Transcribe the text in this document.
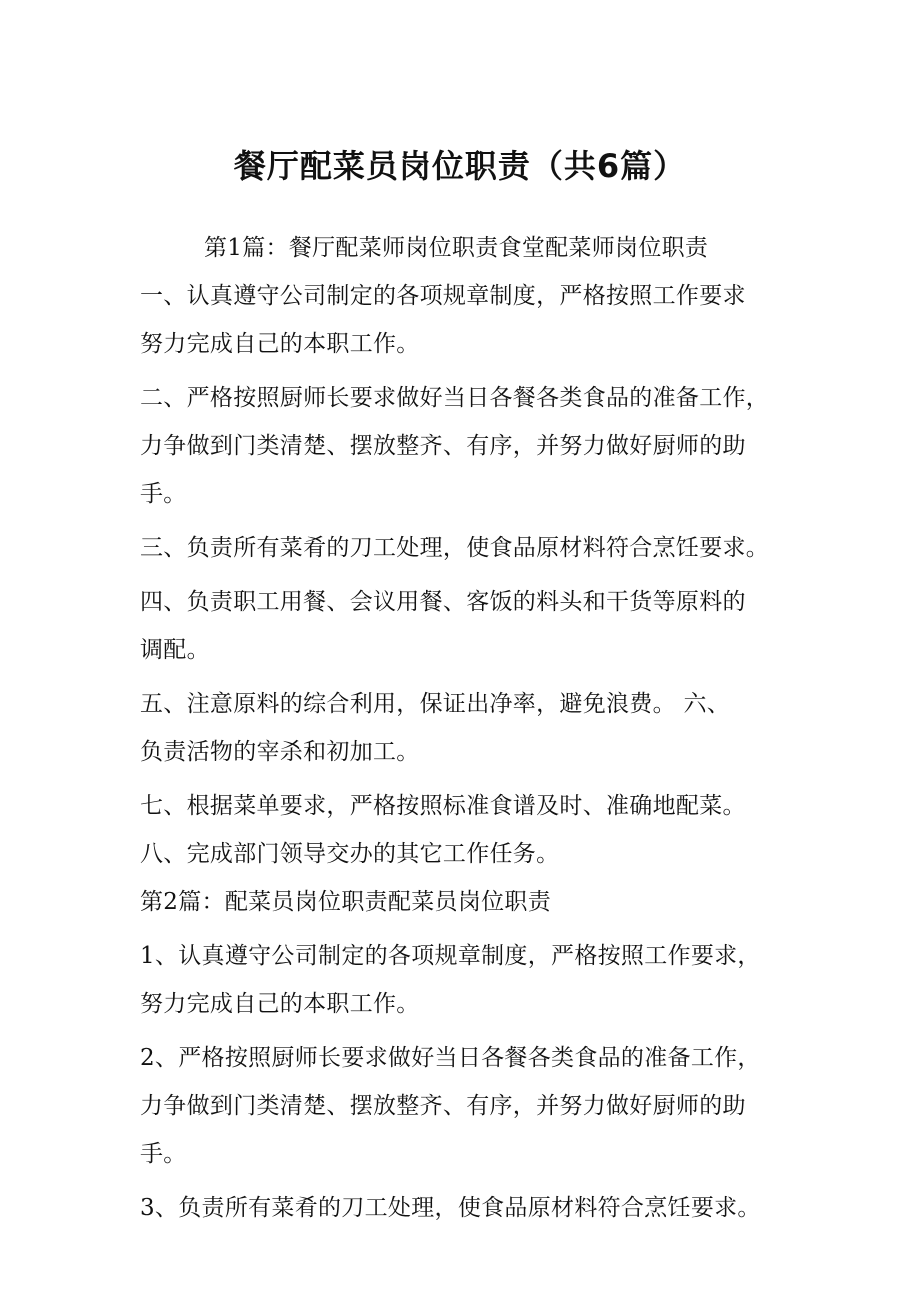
餐厅配菜员岗位职责（共6篇）
第1篇：餐厅配菜师岗位职责食堂配菜师岗位职责
一、认真遵守公司制定的各项规章制度，严格按照工作要求
努力完成自己的本职工作。
二、严格按照厨师长要求做好当日各餐各类食品的准备工作，
力争做到门类清楚、摆放整齐、有序，并努力做好厨师的助
手。
三、负责所有菜肴的刀工处理，使食品原材料符合烹饪要求。
四、负责职工用餐、会议用餐、客饭的料头和干货等原料的
调配。
五、注意原料的综合利用，保证出净率，避免浪费。 六、
负责活物的宰杀和初加工。
七、根据菜单要求，严格按照标准食谱及时、准确地配菜。
八、完成部门领导交办的其它工作任务。
第2篇：配菜员岗位职责配菜员岗位职责
1、认真遵守公司制定的各项规章制度，严格按照工作要求，
努力完成自己的本职工作。
2、严格按照厨师长要求做好当日各餐各类食品的准备工作，
力争做到门类清楚、摆放整齐、有序，并努力做好厨师的助
手。
3、负责所有菜肴的刀工处理，使食品原材料符合烹饪要求。
